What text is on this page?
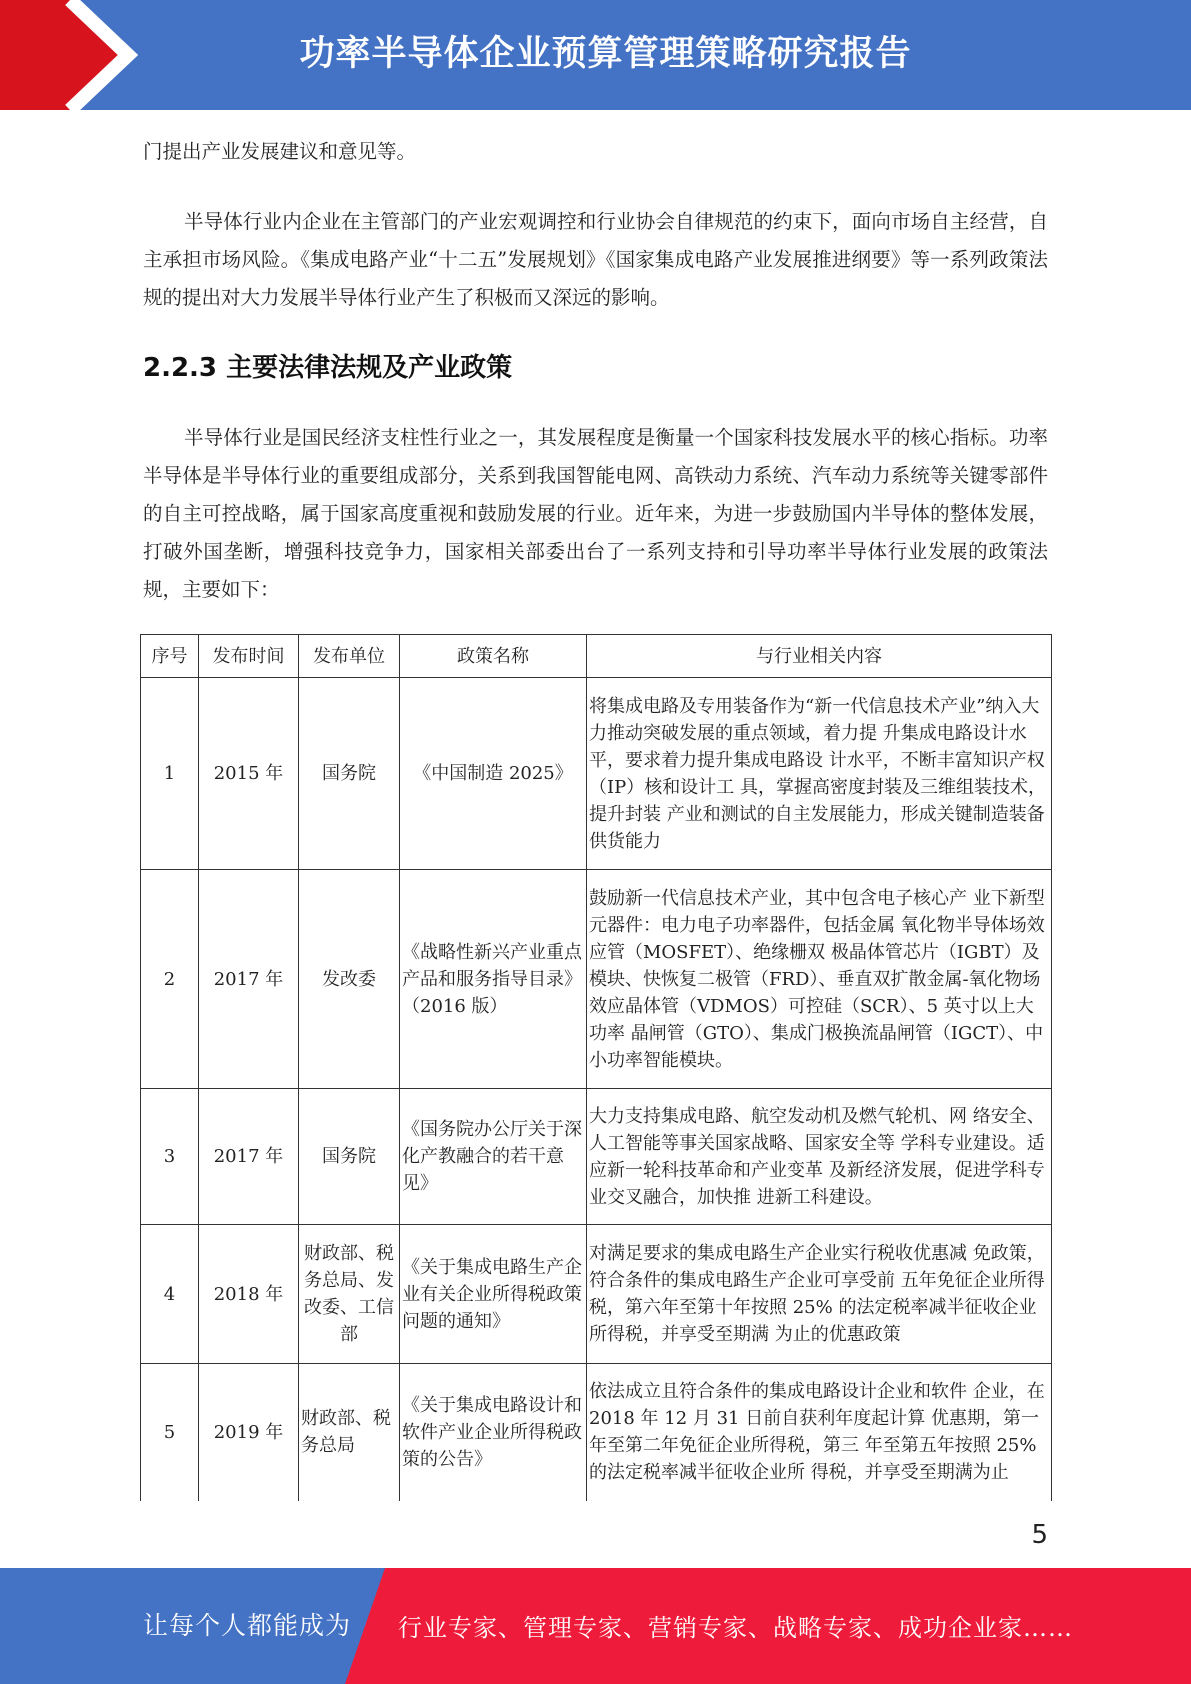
功率半导体企业预算管理策略研究报告

门提出产业发展建议和意见等。

半导体行业内企业在主管部门的产业宏观调控和行业协会自律规范的约束下，面向市场自主经营，自主承担市场风险。《集成电路产业“十二五”发展规划》《国家集成电路产业发展推进纲要》等一系列政策法规的提出对大力发展半导体行业产生了积极而又深远的影响。

2.2.3 主要法律法规及产业政策

半导体行业是国民经济支柱性行业之一，其发展程度是衡量一个国家科技发展水平的核心指标。功率半导体是半导体行业的重要组成部分，关系到我国智能电网、高铁动力系统、汽车动力系统等关键零部件的自主可控战略，属于国家高度重视和鼓励发展的行业。近年来，为进一步鼓励国内半导体的整体发展，打破外国垄断，增强科技竞争力，国家相关部委出台了一系列支持和引导功率半导体行业发展的政策法规，主要如下：

序号	发布时间	发布单位	政策名称	与行业相关内容
1	2015 年	国务院	《中国制造 2025》	将集成电路及专用装备作为“新一代信息技术产业”纳入大力推动突破发展的重点领域，着力提 升集成电路设计水平，要求着力提升集成电路设 计水平，不断丰富知识产权（IP）核和设计工 具，掌握高密度封装及三维组装技术，提升封装 产业和测试的自主发展能力，形成关键制造装备 供货能力
2	2017 年	发改委	《战略性新兴产业重点产品和服务指导目录》（2016 版）	鼓励新一代信息技术产业，其中包含电子核心产 业下新型元器件：电力电子功率器件，包括金属 氧化物半导体场效应管（MOSFET）、绝缘栅双 极晶体管芯片（IGBT）及模块、快恢复二极管（FRD）、垂直双扩散金属-氧化物场效应晶体管（VDMOS）可控硅（SCR）、5 英寸以上大功率 晶闸管（GTO）、集成门极换流晶闸管（IGCT）、中小功率智能模块。
3	2017 年	国务院	《国务院办公厅关于深化产教融合的若干意见》	大力支持集成电路、航空发动机及燃气轮机、网 络安全、人工智能等事关国家战略、国家安全等 学科专业建设。适应新一轮科技革命和产业变革 及新经济发展，促进学科专业交叉融合，加快推 进新工科建设。
4	2018 年	财政部、税务总局、发改委、工信部	《关于集成电路生产企业有关企业所得税政策问题的通知》	对满足要求的集成电路生产企业实行税收优惠减 免政策，符合条件的集成电路生产企业可享受前 五年免征企业所得税，第六年至第十年按照 25% 的法定税率减半征收企业所得税，并享受至期满 为止的优惠政策
5	2019 年	财政部、税务总局	《关于集成电路设计和软件产业企业所得税政策的公告》	依法成立且符合条件的集成电路设计企业和软件 企业，在 2018 年 12 月 31 日前自获利年度起计算 优惠期，第一年至第二年免征企业所得税，第三 年至第五年按照 25%的法定税率减半征收企业所 得税，并享受至期满为止
5
让每个人都能成为 行业专家、管理专家、营销专家、战略专家、成功企业家……
